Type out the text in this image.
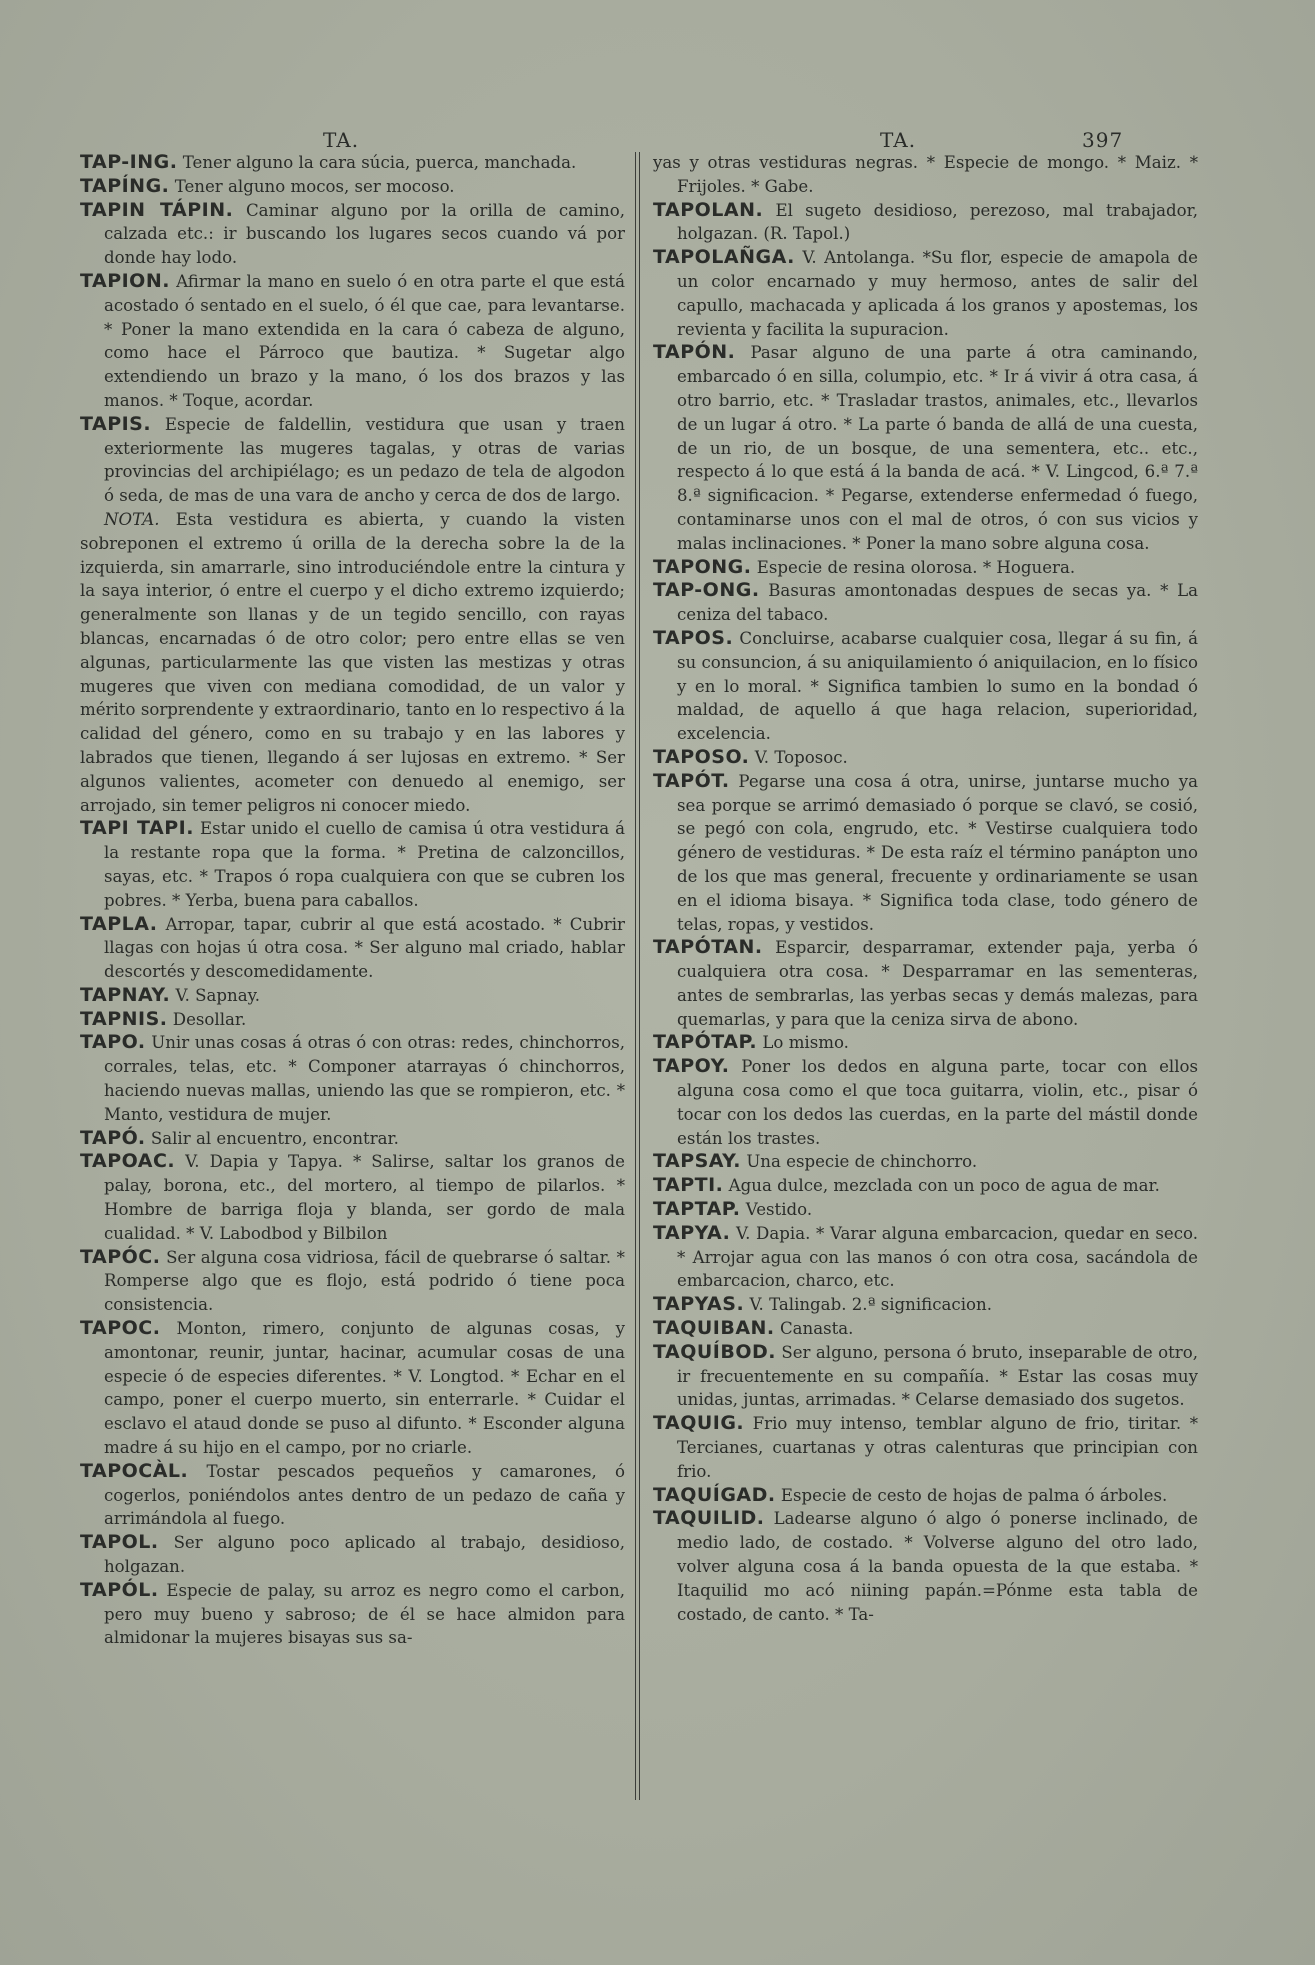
TA.	TA.	397

TAP-ING. Tener alguno la cara súcia, puerca, manchada.

TAPÍNG. Tener alguno mocos, ser mocoso.

TAPIN TÁPIN. Caminar alguno por la orilla de camino, calzada etc.: ir buscando los lugares secos cuando vá por donde hay lodo.

TAPION. Afirmar la mano en suelo ó en otra parte el que está acostado ó sentado en el suelo, ó él que cae, para levantarse. * Poner la mano extendida en la cara ó cabeza de alguno, como hace el Párroco que bautiza. * Sugetar algo extendiendo un brazo y la mano, ó los dos brazos y las manos. * Toque, acordar.

TAPIS. Especie de faldellin, vestidura que usan y traen exteriormente las mugeres tagalas, y otras de varias provincias del archipiélago; es un pedazo de tela de algodon ó seda, de mas de una vara de ancho y cerca de dos de largo.

NOTA. Esta vestidura es abierta, y cuando la visten sobreponen el extremo ú orilla de la derecha sobre la de la izquierda, sin amarrarle, sino introduciéndole entre la cintura y la saya interior, ó entre el cuerpo y el dicho extremo izquierdo; generalmente son llanas y de un tegido sencillo, con rayas blancas, encarnadas ó de otro color; pero entre ellas se ven algunas, particularmente las que visten las mestizas y otras mugeres que viven con mediana comodidad, de un valor y mérito sorprendente y extraordinario, tanto en lo respectivo á la calidad del género, como en su trabajo y en las labores y labrados que tienen, llegando á ser lujosas en extremo. * Ser algunos valientes, acometer con denuedo al enemigo, ser arrojado, sin temer peligros ni conocer miedo.

TAPI TAPI. Estar unido el cuello de camisa ú otra vestidura á la restante ropa que la forma. * Pretina de calzoncillos, sayas, etc. * Trapos ó ropa cualquiera con que se cubren los pobres. * Yerba, buena para caballos.

TAPLA. Arropar, tapar, cubrir al que está acostado. * Cubrir llagas con hojas ú otra cosa. * Ser alguno mal criado, hablar descortés y descomedidamente.

TAPNAY. V. Sapnay.

TAPNIS. Desollar.

TAPO. Unir unas cosas á otras ó con otras: redes, chinchorros, corrales, telas, etc. * Componer atarrayas ó chinchorros, haciendo nuevas mallas, uniendo las que se rompieron, etc. * Manto, vestidura de mujer.

TAPÓ. Salir al encuentro, encontrar.

TAPOAC. V. Dapia y Tapya. * Salirse, saltar los granos de palay, borona, etc., del mortero, al tiempo de pilarlos. * Hombre de barriga floja y blanda, ser gordo de mala cualidad. * V. Labodbod y Bilbilon

TAPÓC. Ser alguna cosa vidriosa, fácil de quebrarse ó saltar. * Romperse algo que es flojo, está podrido ó tiene poca consistencia.

TAPOC. Monton, rimero, conjunto de algunas cosas, y amontonar, reunir, juntar, hacinar, acumular cosas de una especie ó de especies diferentes. * V. Longtod. * Echar en el campo, poner el cuerpo muerto, sin enterrarle. * Cuidar el esclavo el ataud donde se puso al difunto. * Esconder alguna madre á su hijo en el campo, por no criarle.

TAPOCÀL. Tostar pescados pequeños y camarones, ó cogerlos, poniéndolos antes dentro de un pedazo de caña y arrimándola al fuego.

TAPOL. Ser alguno poco aplicado al trabajo, desidioso, holgazan.

TAPÓL. Especie de palay, su arroz es negro como el carbon, pero muy bueno y sabroso; de él se hace almidon para almidonar la mujeres bisayas sus sa-

yas y otras vestiduras negras. * Especie de mongo. * Maiz. * Frijoles. * Gabe.

TAPOLAN. El sugeto desidioso, perezoso, mal trabajador, holgazan. (R. Tapol.)

TAPOLAÑGA. V. Antolanga. *Su flor, especie de amapola de un color encarnado y muy hermoso, antes de salir del capullo, machacada y aplicada á los granos y apostemas, los revienta y facilita la supuracion.

TAPÓN. Pasar alguno de una parte á otra caminando, embarcado ó en silla, columpio, etc. * Ir á vivir á otra casa, á otro barrio, etc. * Trasladar trastos, animales, etc., llevarlos de un lugar á otro. * La parte ó banda de allá de una cuesta, de un rio, de un bosque, de una sementera, etc.. etc., respecto á lo que está á la banda de acá. * V. Lingcod, 6.ª 7.ª 8.ª significacion. * Pegarse, extenderse enfermedad ó fuego, contaminarse unos con el mal de otros, ó con sus vicios y malas inclinaciones. * Poner la mano sobre alguna cosa.

TAPONG. Especie de resina olorosa. * Hoguera.

TAP-ONG. Basuras amontonadas despues de secas ya. * La ceniza del tabaco.

TAPOS. Concluirse, acabarse cualquier cosa, llegar á su fin, á su consuncion, á su aniquilamiento ó aniquilacion, en lo físico y en lo moral. * Significa tambien lo sumo en la bondad ó maldad, de aquello á que haga relacion, superioridad, excelencia.

TAPOSO. V. Toposoc.

TAPÓT. Pegarse una cosa á otra, unirse, juntarse mucho ya sea porque se arrimó demasiado ó porque se clavó, se cosió, se pegó con cola, engrudo, etc. * Vestirse cualquiera todo género de vestiduras. * De esta raíz el término panápton uno de los que mas general, frecuente y ordinariamente se usan en el idioma bisaya. * Significa toda clase, todo género de telas, ropas, y vestidos.

TAPÓTAN. Esparcir, desparramar, extender paja, yerba ó cualquiera otra cosa. * Desparramar en las sementeras, antes de sembrarlas, las yerbas secas y demás malezas, para quemarlas, y para que la ceniza sirva de abono.

TAPÓTAP. Lo mismo.

TAPOY. Poner los dedos en alguna parte, tocar con ellos alguna cosa como el que toca guitarra, violin, etc., pisar ó tocar con los dedos las cuerdas, en la parte del mástil donde están los trastes.

TAPSAY. Una especie de chinchorro.

TAPTI. Agua dulce, mezclada con un poco de agua de mar.

TAPTAP. Vestido.

TAPYA. V. Dapia. * Varar alguna embarcacion, quedar en seco. * Arrojar agua con las manos ó con otra cosa, sacándola de embarcacion, charco, etc.

TAPYAS. V. Talingab. 2.ª significacion.

TAQUIBAN. Canasta.

TAQUÍBOD. Ser alguno, persona ó bruto, inseparable de otro, ir frecuentemente en su compañía. * Estar las cosas muy unidas, juntas, arrimadas. * Celarse demasiado dos sugetos.

TAQUIG. Frio muy intenso, temblar alguno de frio, tiritar. * Tercianes, cuartanas y otras calenturas que principian con frio.

TAQUÍGAD. Especie de cesto de hojas de palma ó árboles.

TAQUILID. Ladearse alguno ó algo ó ponerse inclinado, de medio lado, de costado. * Volverse alguno del otro lado, volver alguna cosa á la banda opuesta de la que estaba. * Itaquilid mo acó niining papán.=Pónme esta tabla de costado, de canto. * Ta-
